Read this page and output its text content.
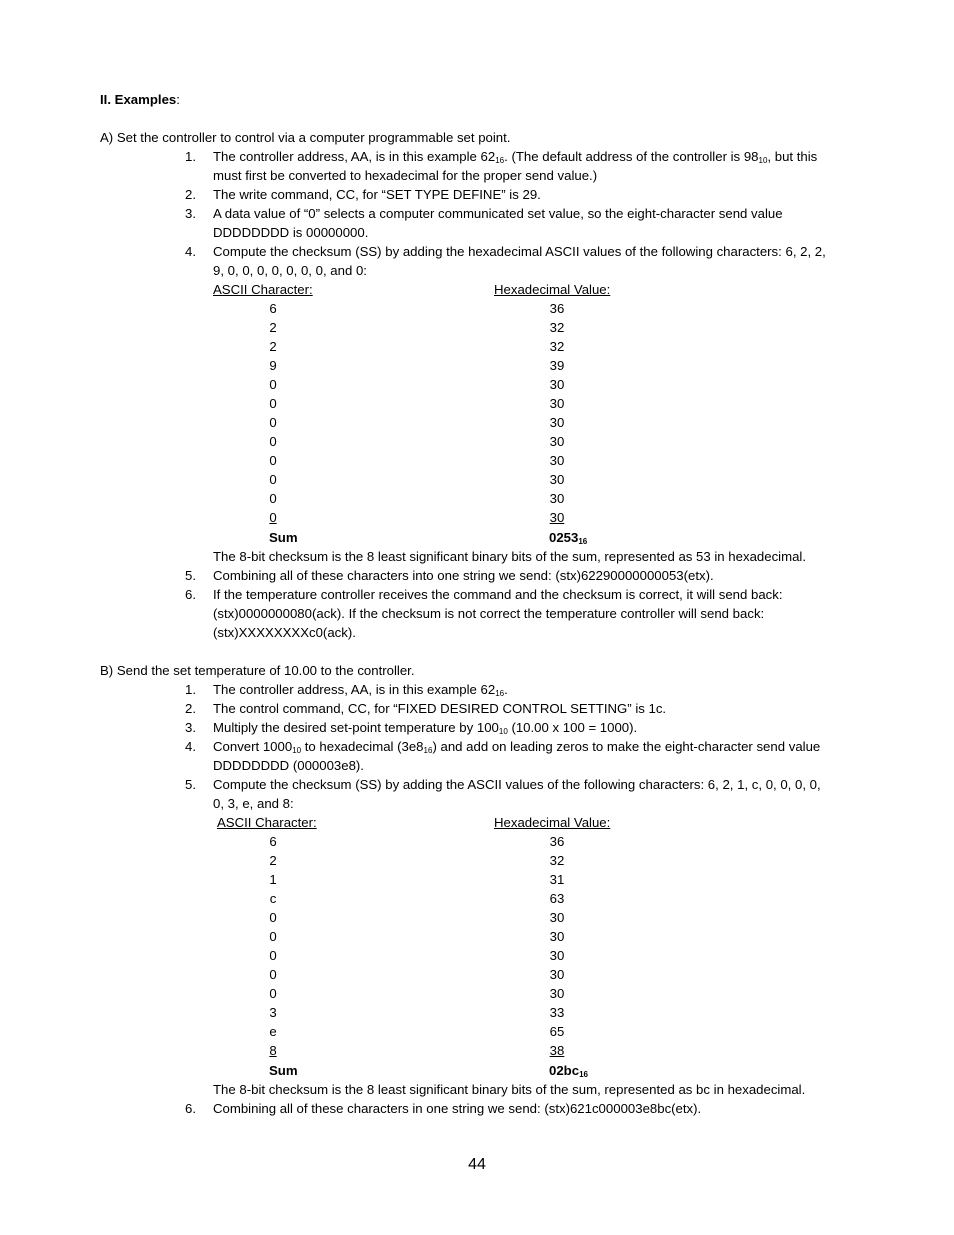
II. Examples:
A) Set the controller to control via a computer programmable set point.
1. The controller address, AA, is in this example $62_{16}$. (The default address of the controller is $98_{10}$, but this
must first be converted to hexadecimal for the proper send value.)
2. The write command, CC, for “SET TYPE DEFINE” is 29.
3. A data value of “0” selects a computer communicated set value, so the eight-character send value
DDDDDDDD is 00000000.
4. Compute the checksum (SS) by adding the hexadecimal ASCII values of the following characters: 6, 2, 2,
9, 0, 0, 0, 0, 0, 0, 0, and 0:
ASCII Character:	Hexadecimal Value:
6	36
2	32
2	32
9	39
0	30
0	30
0	30
0	30
0	30
0	30
0	30
0	30
Sum	$0253_{16}$
The 8-bit checksum is the 8 least significant binary bits of the sum, represented as 53 in hexadecimal.
5. Combining all of these characters into one string we send: (stx)62290000000053(etx).
6. If the temperature controller receives the command and the checksum is correct, it will send back:
(stx)0000000080(ack). If the checksum is not correct the temperature controller will send back:
(stx)XXXXXXXXc0(ack).
B) Send the set temperature of 10.00 to the controller.
1. The controller address, AA, is in this example $62_{16}$.
2. The control command, CC, for “FIXED DESIRED CONTROL SETTING” is 1c.
3. Multiply the desired set-point temperature by $100_{10}$ (10.00 x 100 = 1000).
4. Convert $1000_{10}$ to hexadecimal $(3e8_{16})$ and add on leading zeros to make the eight-character send value
DDDDDDDD (000003e8).
5. Compute the checksum (SS) by adding the ASCII values of the following characters: 6, 2, 1, c, 0, 0, 0, 0,
0, 3, e, and 8:
ASCII Character:	Hexadecimal Value:
6	36
2	32
1	31
c	63
0	30
0	30
0	30
0	30
0	30
3	33
e	65
8	38
Sum	$02bc_{16}$
The 8-bit checksum is the 8 least significant binary bits of the sum, represented as bc in hexadecimal.
6. Combining all of these characters in one string we send: (stx)621c000003e8bc(etx).
44
